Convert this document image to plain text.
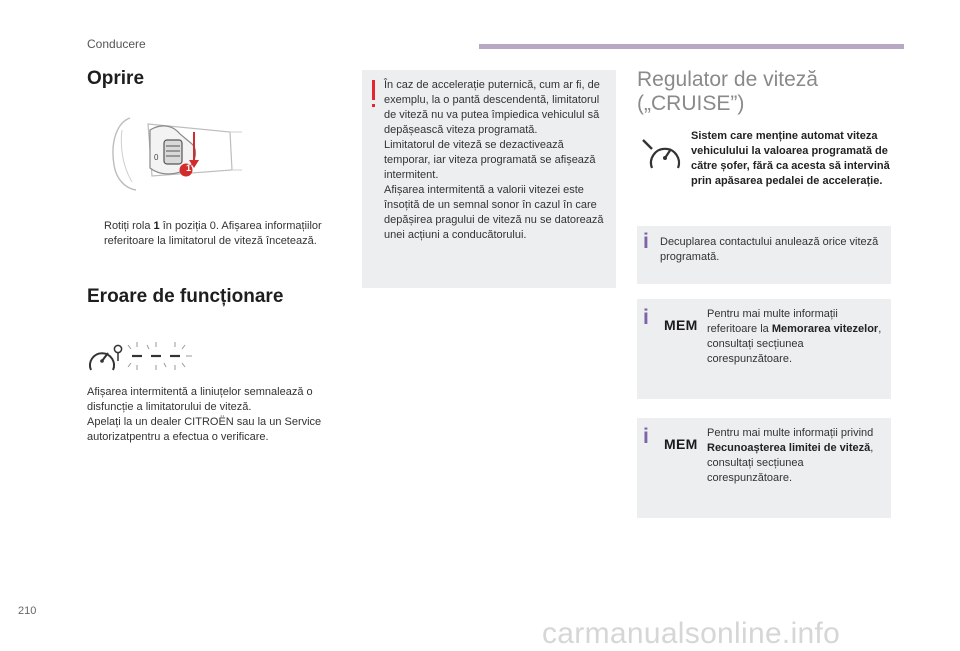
Conducere
Oprire
0
1
Rotiți rola 1 în poziția 0. Afișarea informațiilor referitoare la limitatorul de viteză încetează.
Eroare de funcționare
Afișarea intermitentă a liniuțelor semnalează o disfuncție a limitatorului de viteză.
Apelați la un dealer CITROËN sau la un Service autorizatpentru a efectua o verificare.
În caz de accelerație puternică, cum ar fi, de exemplu, la o pantă descendentă, limitatorul de viteză nu va putea împiedica vehiculul să depășească viteza programată.
Limitatorul de viteză se dezactivează temporar, iar viteza programată se afișează intermitent.
Afișarea intermitentă a valorii vitezei este însoțită de un semnal sonor în cazul în care depășirea pragului de viteză nu se datorează unei acțiuni a conducătorului.
Regulator de viteză
(„CRUISE”)
Sistem care menține automat viteza vehiculului la valoarea programată de către șofer, fără ca acesta să intervină prin apăsarea pedalei de accelerație.
i Decuplarea contactului anulează orice viteză programată.
i MEM
Pentru mai multe informații referitoare la Memorarea vitezelor, consultați secțiunea corespunzătoare.
i MEM
Pentru mai multe informații privind Recunoașterea limitei de viteză, consultați secțiunea corespunzătoare.
210
carmanualsonline.info
